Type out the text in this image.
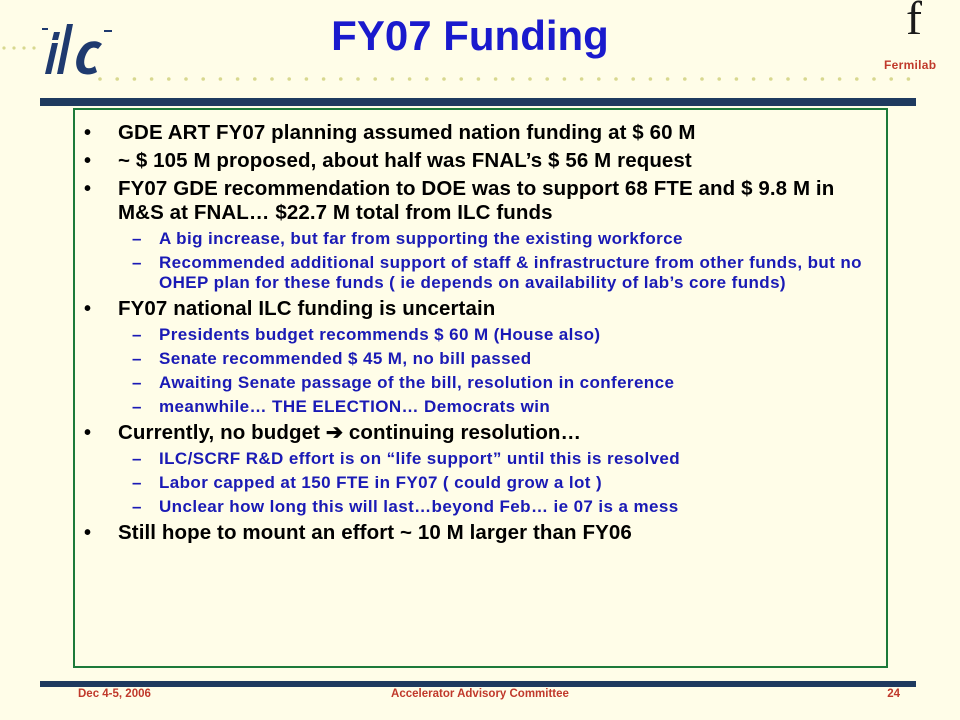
FY07 Funding	f
Fermilab
•	GDE ART FY07 planning assumed nation funding at $ 60 M
•	~ $ 105 M proposed, about half was FNAL’s $ 56 M request
•	FY07 GDE recommendation to DOE was to support 68 FTE and $ 9.8 M in M&S at FNAL… $22.7 M total from ILC funds
–	A big increase, but far from supporting the existing workforce
–	Recommended additional support of staff & infrastructure from other funds, but no OHEP plan for these funds ( ie depends on availability of lab’s core funds)
•	FY07 national ILC funding is uncertain
–	Presidents budget recommends $ 60 M (House also)
–	Senate recommended $ 45 M, no bill passed
–	Awaiting Senate passage of the bill, resolution in conference
–	meanwhile… THE ELECTION… Democrats win
•	Currently, no budget ➔ continuing resolution…
–	ILC/SCRF R&D effort is on “life support” until this is resolved
–	Labor capped at 150 FTE in FY07 ( could grow a lot )
–	Unclear how long this will last…beyond Feb… ie 07 is a mess
•	Still hope to mount an effort ~ 10 M larger than FY06
Dec 4-5, 2006	Accelerator Advisory Committee	24
